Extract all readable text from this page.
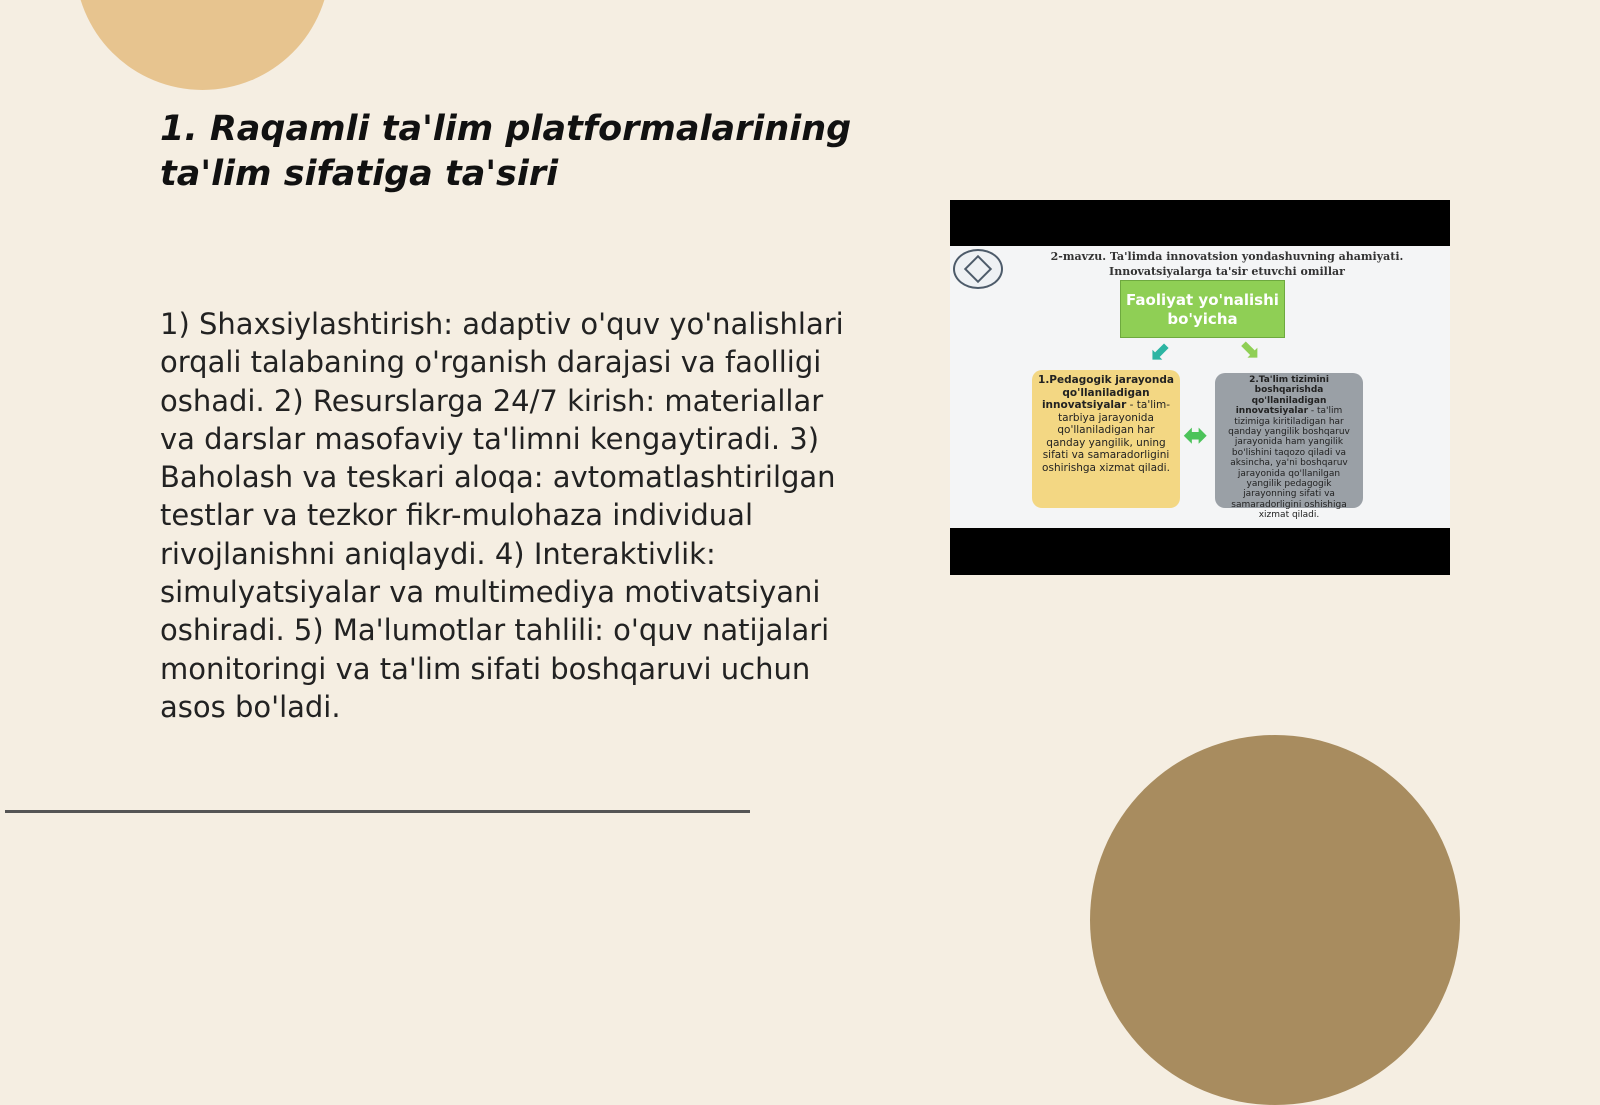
1. Raqamli ta'lim platformalarining
ta'lim sifatiga ta'siri
1) Shaxsiylashtirish: adaptiv o'quv yo'nalishlari orqali talabaning o'rganish darajasi va faolligi oshadi. 2) Resurslarga 24/7 kirish: materiallar va darslar masofaviy ta'limni kengaytiradi. 3) Baholash va teskari aloqa: avtomatlashtirilgan testlar va tezkor fikr-mulohaza individual rivojlanishni aniqlaydi. 4) Interaktivlik: simulyatsiyalar va multimediya motivatsiyani oshiradi. 5) Ma'lumotlar tahlili: o'quv natijalari monitoringi va ta'lim sifati boshqaruvi uchun asos bo'ladi.
2-mavzu. Ta'limda innovatsion yondashuvning ahamiyati. Innovatsiyalarga ta'sir etuvchi omillar
Faoliyat yo'nalishi bo'yicha
⬋	⬊
1.Pedagogik jarayonda qo'llaniladigan innovatsiyalar - ta'lim-tarbiya jarayonida qo'llaniladigan har qanday yangilik, uning sifati va samaradorligini oshirishga xizmat qiladi.
⬌
2.Ta'lim tizimini boshqarishda qo'llaniladigan innovatsiyalar - ta'lim tizimiga kiritiladigan har qanday yangilik boshqaruv jarayonida ham yangilik bo'lishini taqozo qiladi va aksincha, ya'ni boshqaruv jarayonida qo'llanilgan yangilik pedagogik jarayonning sifati va samaradorligini oshishiga xizmat qiladi.
